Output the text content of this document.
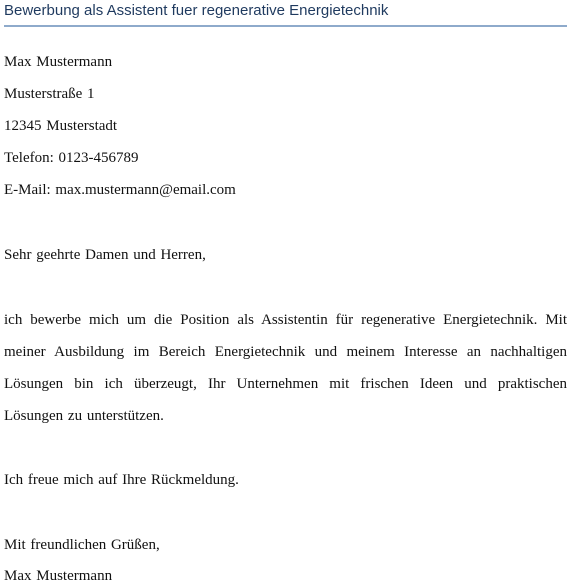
Bewerbung als Assistent fuer regenerative Energietechnik
Max Mustermann
Musterstraße 1
12345 Musterstadt
Telefon: 0123-456789
E-Mail: max.mustermann@email.com
Sehr geehrte Damen und Herren,
ich bewerbe mich um die Position als Assistentin für regenerative Energietechnik. Mit
meiner Ausbildung im Bereich Energietechnik und meinem Interesse an nachhaltigen
Lösungen bin ich überzeugt, Ihr Unternehmen mit frischen Ideen und praktischen
Lösungen zu unterstützen.
Ich freue mich auf Ihre Rückmeldung.
Mit freundlichen Grüßen,
Max Mustermann
